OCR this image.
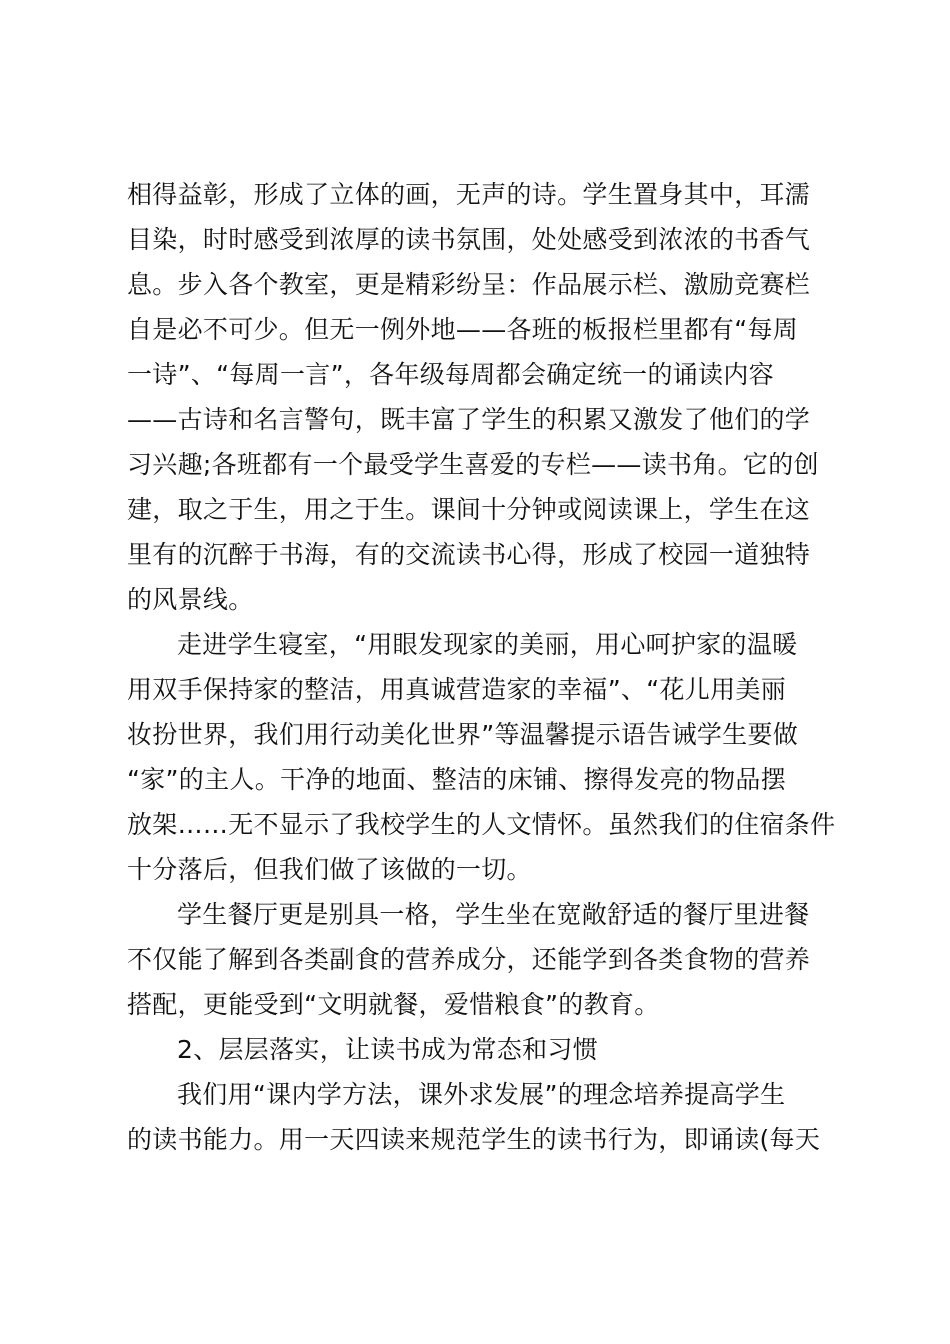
相得益彰，形成了立体的画，无声的诗。学生置身其中，耳濡
目染，时时感受到浓厚的读书氛围，处处感受到浓浓的书香气
息。步入各个教室，更是精彩纷呈：作品展示栏、激励竞赛栏
自是必不可少。但无一例外地——各班的板报栏里都有“每周
一诗”、“每周一言”，各年级每周都会确定统一的诵读内容
——古诗和名言警句，既丰富了学生的积累又激发了他们的学
习兴趣;各班都有一个最受学生喜爱的专栏——读书角。它的创
建，取之于生，用之于生。课间十分钟或阅读课上，学生在这
里有的沉醉于书海，有的交流读书心得，形成了校园一道独特
的风景线。
走进学生寝室，“用眼发现家的美丽，用心呵护家的温暖
用双手保持家的整洁，用真诚营造家的幸福”、“花儿用美丽
妆扮世界，我们用行动美化世界”等温馨提示语告诫学生要做
“家”的主人。干净的地面、整洁的床铺、擦得发亮的物品摆
放架……无不显示了我校学生的人文情怀。虽然我们的住宿条件
十分落后，但我们做了该做的一切。
学生餐厅更是别具一格，学生坐在宽敞舒适的餐厅里进餐
不仅能了解到各类副食的营养成分，还能学到各类食物的营养
搭配，更能受到“文明就餐，爱惜粮食”的教育。
2、层层落实，让读书成为常态和习惯
我们用“课内学方法，课外求发展”的理念培养提高学生
的读书能力。用一天四读来规范学生的读书行为，即诵读(每天
